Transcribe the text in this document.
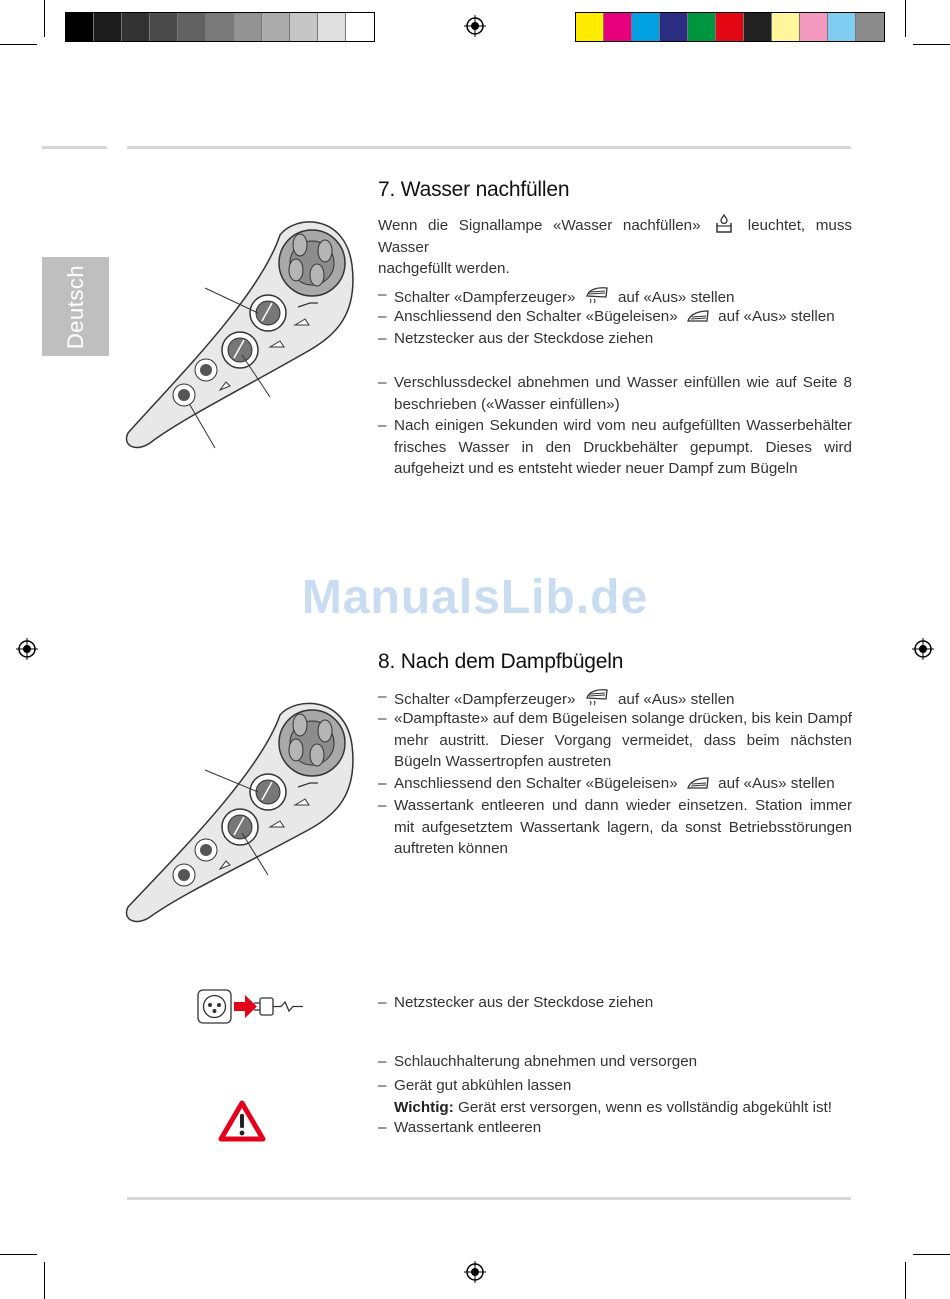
Deutsch
ManualsLib.de
7. Wasser nachfüllen
Wenn die Signallampe «Wasser nachfüllen»	leuchtet, muss Wasser
nachgefüllt werden.
– Schalter «Dampferzeuger»	auf «Aus» stellen
– Anschliessend den Schalter «Bügeleisen»	auf «Aus» stellen
– Netzstecker aus der Steckdose ziehen
– Verschlussdeckel abnehmen und Wasser einfüllen wie auf Seite 8 beschrieben («Wasser einfüllen»)
– Nach einigen Sekunden wird vom neu aufgefüllten Wasserbehälter frisches Wasser in den Druckbehälter gepumpt. Dieses wird aufgeheizt und es entsteht wieder neuer Dampf zum Bügeln
8. Nach dem Dampfbügeln
– Schalter «Dampferzeuger»	auf «Aus» stellen
– «Dampftaste» auf dem Bügeleisen solange drücken, bis kein Dampf mehr austritt. Dieser Vorgang vermeidet, dass beim nächsten Bügeln Wassertropfen austreten
– Anschliessend den Schalter «Bügeleisen»	auf «Aus» stellen
– Wassertank entleeren und dann wieder einsetzen. Station immer mit aufgesetztem Wassertank lagern, da sonst Betriebsstörungen auftreten können
– Netzstecker aus der Steckdose ziehen
– Schlauchhalterung abnehmen und versorgen
– Gerät gut abkühlen lassen
Wichtig: Gerät erst versorgen, wenn es vollständig abgekühlt ist!
– Wassertank entleeren
